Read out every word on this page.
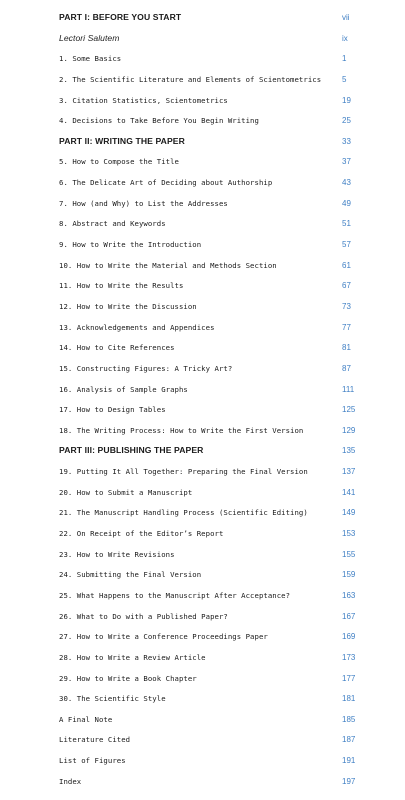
PART I: BEFORE YOU START	vii
Lectori Salutem	ix
1. Some Basics	1
2. The Scientific Literature and Elements of Scientometrics	5
3. Citation Statistics, Scientometrics	19
4. Decisions to Take Before You Begin Writing	25
PART II: WRITING THE PAPER	33
5. How to Compose the Title	37
6. The Delicate Art of Deciding about Authorship	43
7. How (and Why) to List the Addresses	49
8. Abstract and Keywords	51
9. How to Write the Introduction	57
10. How to Write the Material and Methods Section	61
11. How to Write the Results	67
12. How to Write the Discussion	73
13. Acknowledgements and Appendices	77
14. How to Cite References	81
15. Constructing Figures: A Tricky Art?	87
16. Analysis of Sample Graphs	111
17. How to Design Tables	125
18. The Writing Process: How to Write the First Version	129
PART III: PUBLISHING THE PAPER	135
19. Putting It All Together: Preparing the Final Version	137
20. How to Submit a Manuscript	141
21. The Manuscript Handling Process (Scientific Editing)	149
22. On Receipt of the Editor’s Report	153
23. How to Write Revisions	155
24. Submitting the Final Version	159
25. What Happens to the Manuscript After Acceptance?	163
26. What to Do with a Published Paper?	167
27. How to Write a Conference Proceedings Paper	169
28. How to Write a Review Article	173
29. How to Write a Book Chapter	177
30. The Scientific Style	181
A Final Note	185
Literature Cited	187
List of Figures	191
Index	197
